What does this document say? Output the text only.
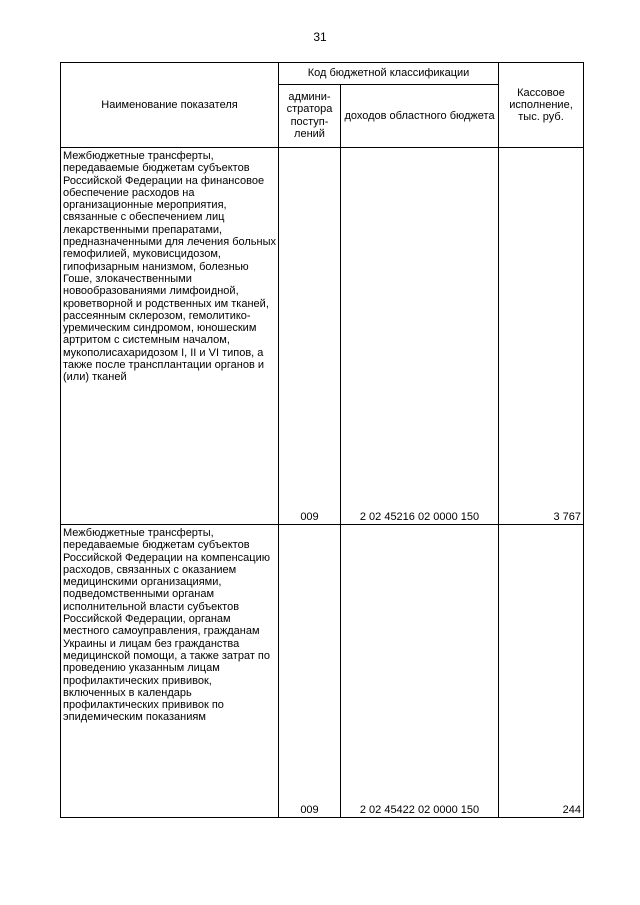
31
Наименование показателя	Код бюджетной классификации		Кассовое исполнение, тыс. руб.

	админи-стратора поступ-лений	доходов областного бюджета	
Межбюджетные трансферты, передаваемые бюджетам субъектов Российской Федерации на финансовое обеспечение расходов на организационные мероприятия, связанные с обеспечением лиц лекарственными препаратами, предназначенными для лечения больных гемофилией, муковисцидозом, гипофизарным нанизмом, болезнью Гоше, злокачественными новообразованиями лимфоидной, кроветворной и родственных им тканей, рассеянным склерозом, гемолитико-уремическим синдромом, юношеским артритом с системным началом, мукополисахаридозом I, II и VI типов, а также после трансплантации органов и (или) тканей	009	2 02 45216 02 0000 150	3 767
Межбюджетные трансферты, передаваемые бюджетам субъектов Российской Федерации на компенсацию расходов, связанных с оказанием медицинскими организациями, подведомственными органам исполнительной власти субъектов Российской Федерации, органам местного самоуправления, гражданам Украины и лицам без гражданства медицинской помощи, а также затрат по проведению указанным лицам профилактических прививок, включенных в календарь профилактических прививок по эпидемическим показаниям	009	2 02 45422 02 0000 150	244
